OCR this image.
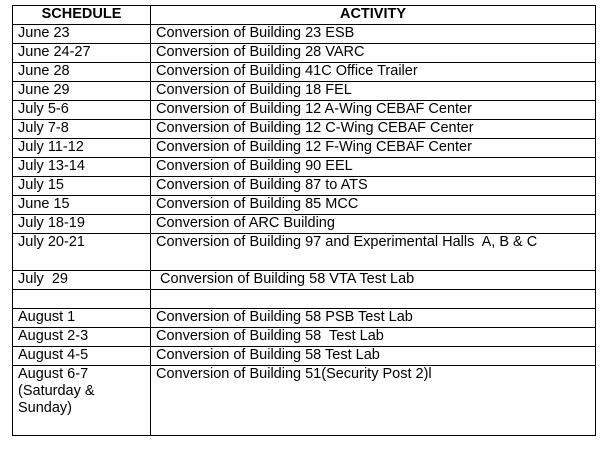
SCHEDULE	ACTIVITY
June 23	Conversion of Building 23 ESB
June 24-27	Conversion of Building 28 VARC
June 28	Conversion of Building 41C Office Trailer
June 29	Conversion of Building 18 FEL
July 5-6	Conversion of Building 12 A-Wing CEBAF Center
July 7-8	Conversion of Building 12 C-Wing CEBAF Center
July 11-12	Conversion of Building 12 F-Wing CEBAF Center
July 13-14	Conversion of Building 90 EEL
July 15	Conversion of Building 87 to ATS
June 15	Conversion of Building 85 MCC
July 18-19	Conversion of ARC Building
July 20-21	Conversion of Building 97 and Experimental Halls  A, B & C
July  29	Conversion of Building 58 VTA Test Lab

August 1	Conversion of Building 58 PSB Test Lab
August 2-3	Conversion of Building 58  Test Lab
August 4-5	Conversion of Building 58 Test Lab
August 6-7 (Saturday & Sunday)	Conversion of Building 51(Security Post 2)l
